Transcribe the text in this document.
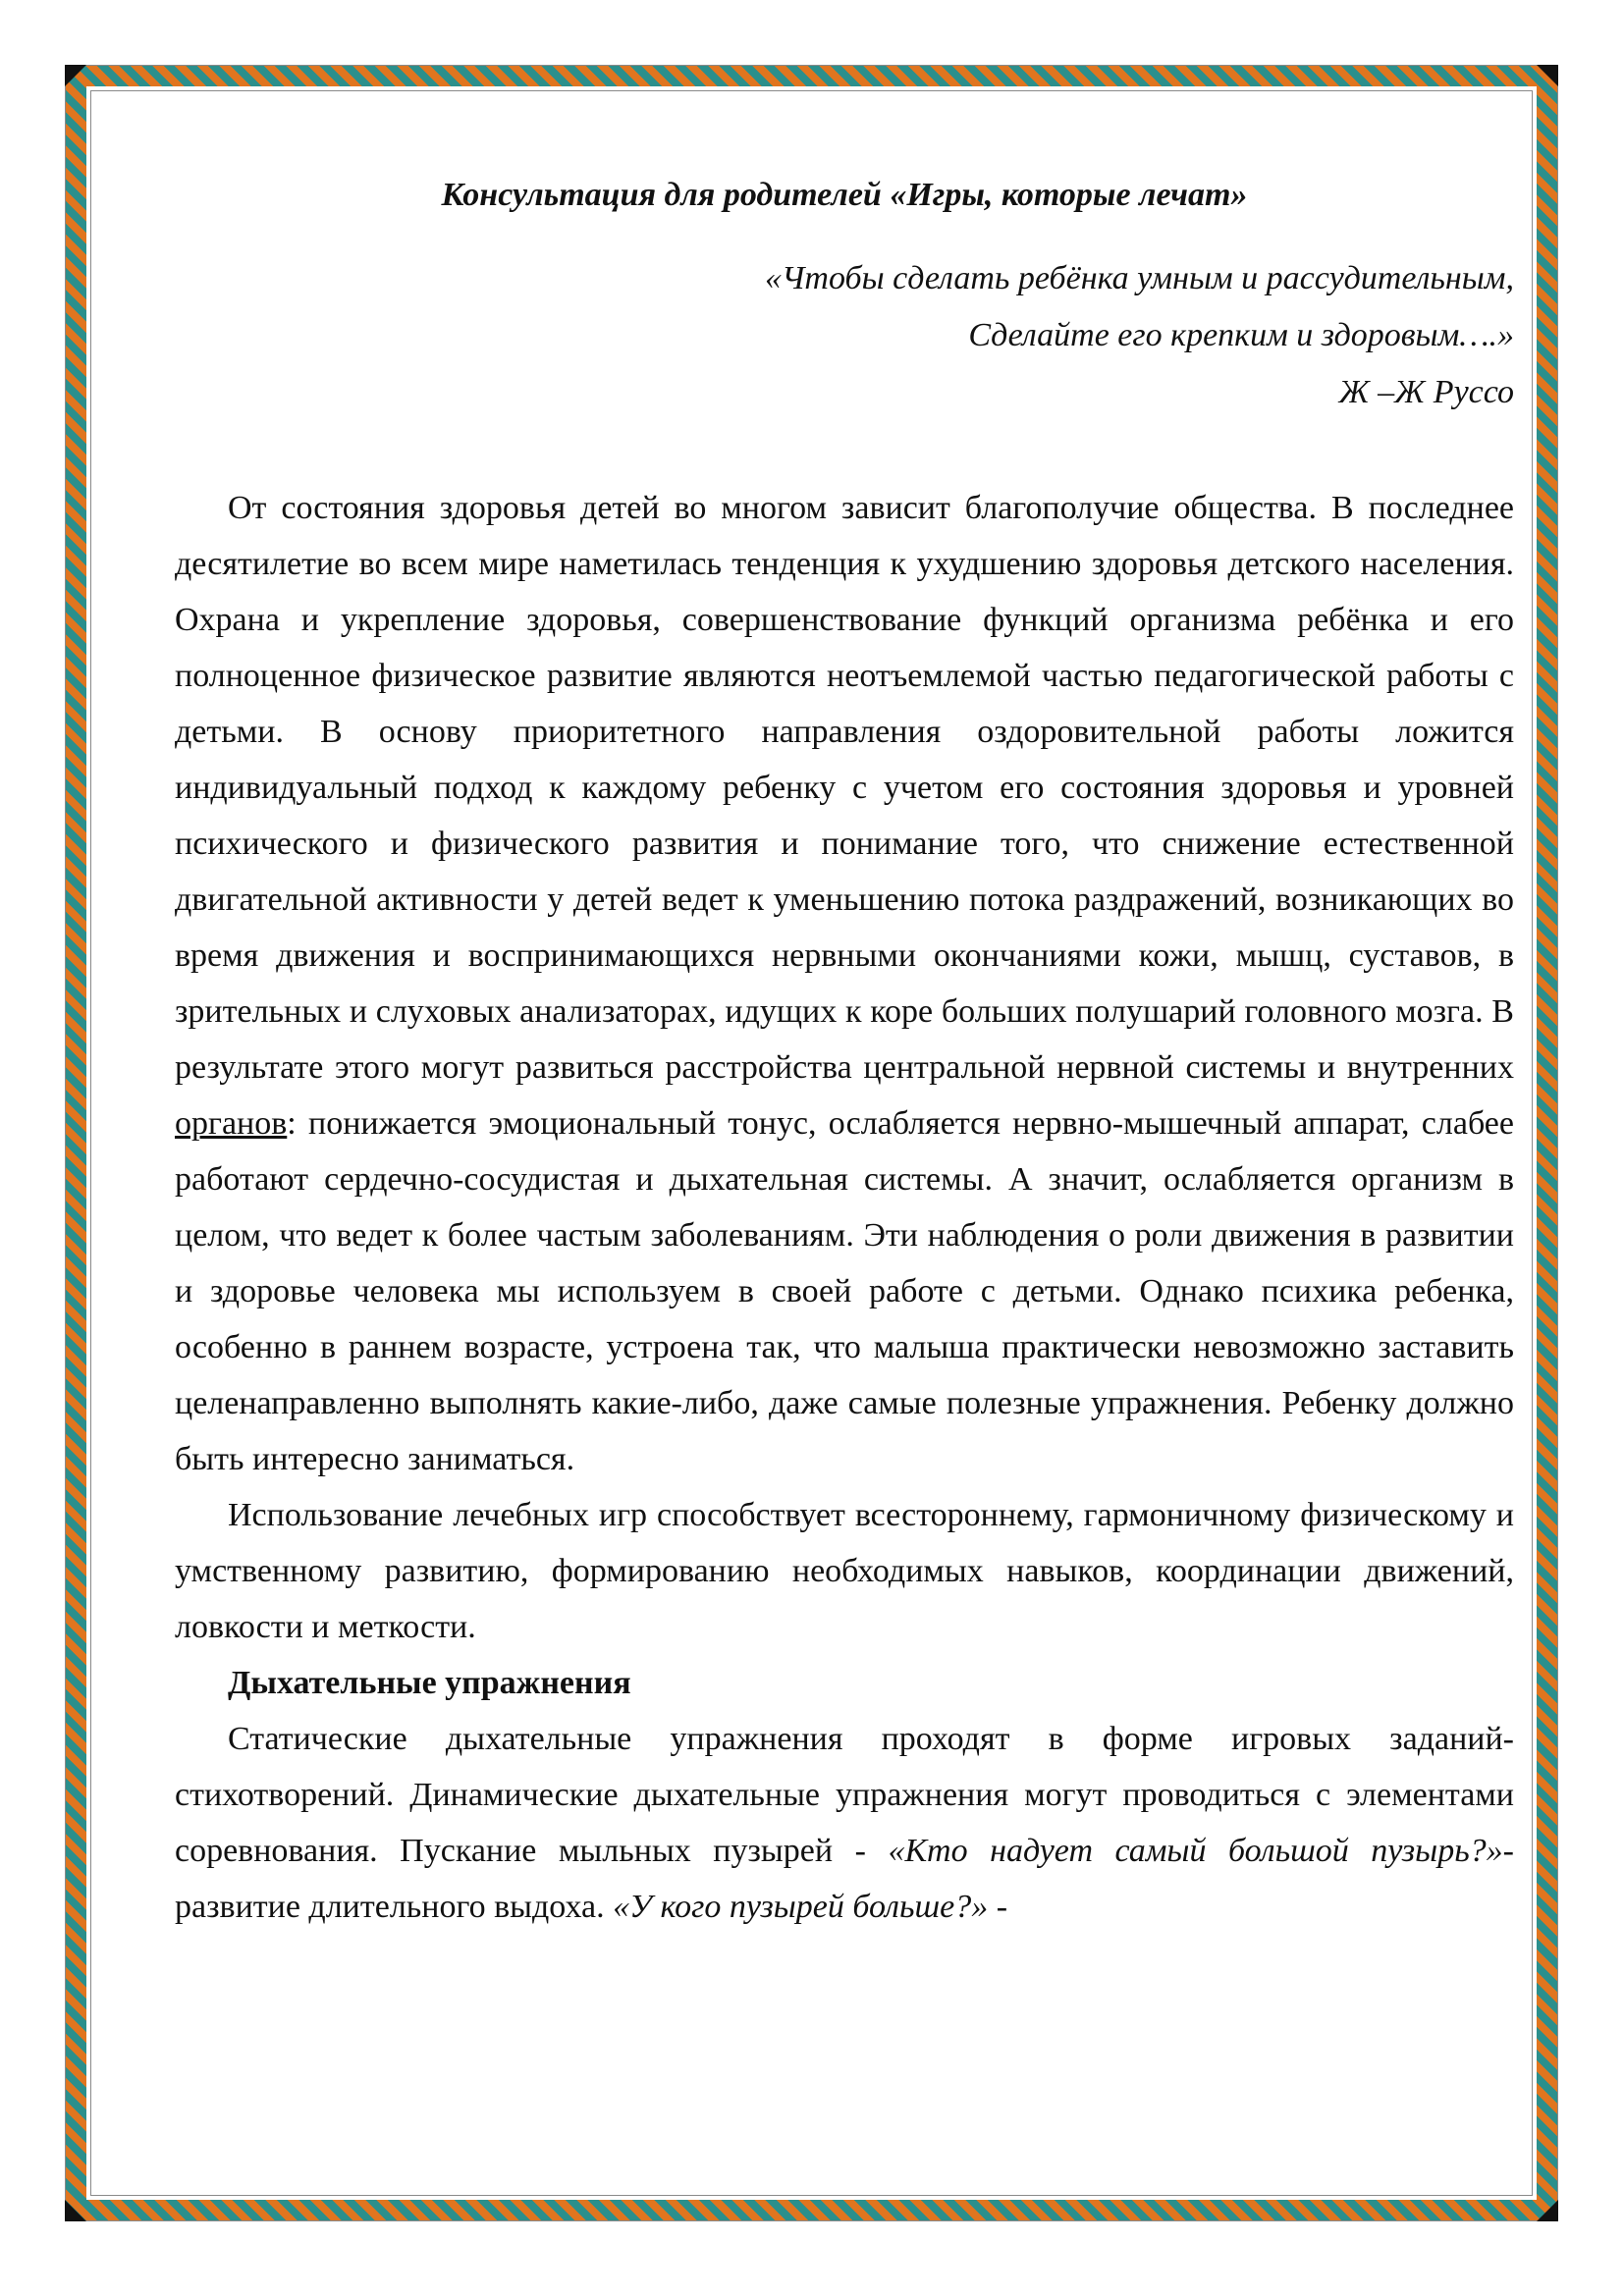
Консультация для родителей «Игры, которые лечат»
«Чтобы сделать ребёнка умным и рассудительным,
Сделайте его крепким и здоровым….»
Ж –Ж Руссо

От состояния здоровья детей во многом зависит благополучие общества. В последнее десятилетие во всем мире наметилась тенденция к ухудшению здоровья детского населения. Охрана и укрепление здоровья, совершенствование функций организма ребёнка и его полноценное физическое развитие являются неотъемлемой частью педагогической работы с детьми. В основу приоритетного направления оздоровительной работы ложится индивидуальный подход к каждому ребенку с учетом его состояния здоровья и уровней психического и физического развития и понимание того, что снижение естественной двигательной активности у детей ведет к уменьшению потока раздражений, возникающих во время движения и воспринимающихся нервными окончаниями кожи, мышц, суставов, в зрительных и слуховых анализаторах, идущих к коре больших полушарий головного мозга. В результате этого могут развиться расстройства центральной нервной системы и внутренних органов: понижается эмоциональный тонус, ослабляется нервно-мышечный аппарат, слабее работают сердечно-сосудистая и дыхательная системы. А значит, ослабляется организм в целом, что ведет к более частым заболеваниям. Эти наблюдения о роли движения в развитии и здоровье человека мы используем в своей работе с детьми. Однако психика ребенка, особенно в раннем возрасте, устроена так, что малыша практически невозможно заставить целенаправленно выполнять какие-либо, даже самые полезные упражнения. Ребенку должно быть интересно заниматься.

Использование лечебных игр способствует всестороннему, гармоничному физическому и умственному развитию, формированию необходимых навыков, координации движений, ловкости и меткости.

Дыхательные упражнения

Статические дыхательные упражнения проходят в форме игровых заданий-стихотворений. Динамические дыхательные упражнения могут проводиться с элементами соревнования. Пускание мыльных пузырей - «Кто надует самый большой пузырь?»- развитие длительного выдоха. «У кого пузырей больше?» -
